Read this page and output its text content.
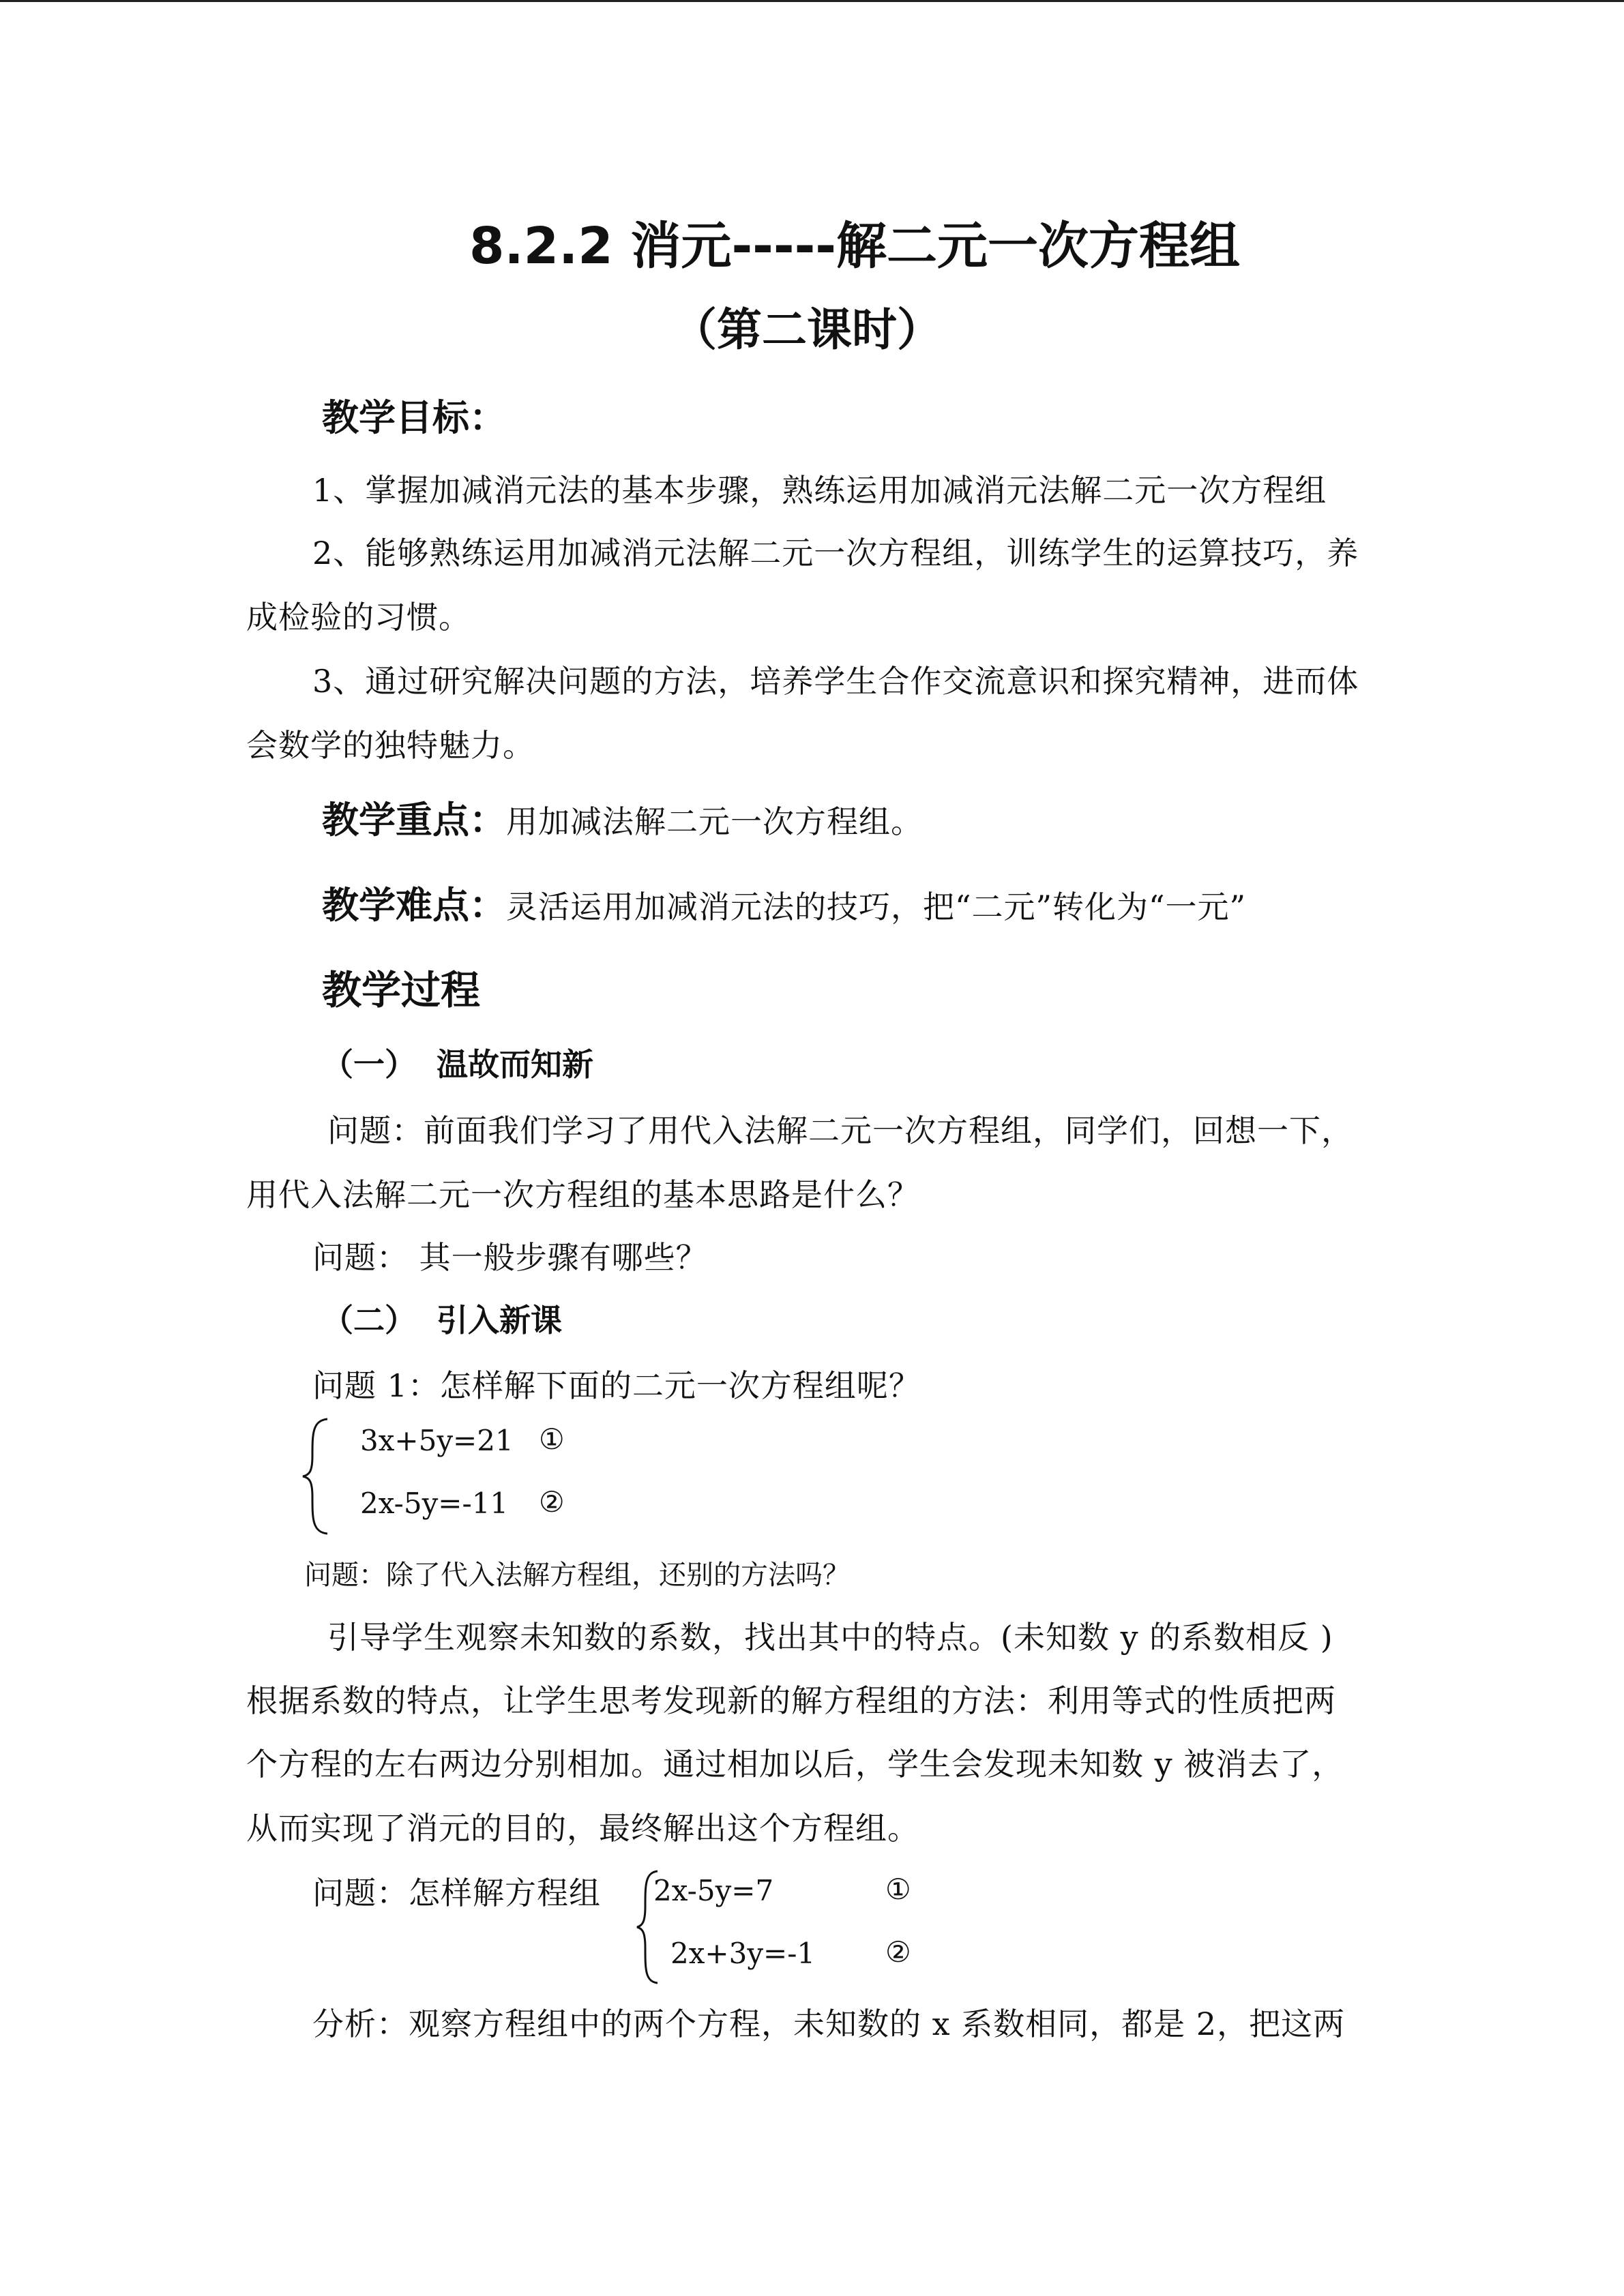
8.2.2 消元-----解二元一次方程组
（第二课时）
教学目标：
1、掌握加减消元法的基本步骤，熟练运用加减消元法解二元一次方程组
2、能够熟练运用加减消元法解二元一次方程组，训练学生的运算技巧，养
成检验的习惯。
3、通过研究解决问题的方法，培养学生合作交流意识和探究精神，进而体
会数学的独特魅力。
教学重点：用加减法解二元一次方程组。
教学难点：灵活运用加减消元法的技巧，把“二元”转化为“一元”
教学过程
（一） 温故而知新
问题：前面我们学习了用代入法解二元一次方程组，同学们，回想一下，
用代入法解二元一次方程组的基本思路是什么？
问题： 其一般步骤有哪些？
（二） 引入新课
问题 1：怎样解下面的二元一次方程组呢？
3x+5y=21 ①
2x-5y=-11 ②
问题：除了代入法解方程组，还别的方法吗？
引导学生观察未知数的系数，找出其中的特点。(未知数 y 的系数相反 )
根据系数的特点，让学生思考发现新的解方程组的方法：利用等式的性质把两
个方程的左右两边分别相加。通过相加以后，学生会发现未知数 y 被消去了，
从而实现了消元的目的，最终解出这个方程组。
问题：怎样解方程组 2x-5y=7	①
2x+3y=-1 ②
分析：观察方程组中的两个方程，未知数的 x 系数相同，都是 2，把这两
